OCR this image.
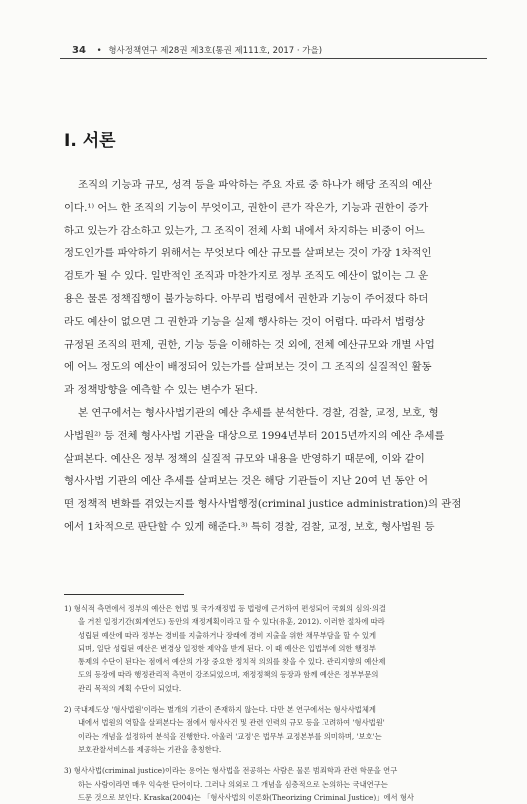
34 • 형사정책연구 제28권 제3호(통권 제111호, 2017 · 가을)
Ⅰ. 서론
조직의 기능과 규모, 성격 등을 파악하는 주요 자료 중 하나가 해당 조직의 예산
이다.¹⁾ 어느 한 조직의 기능이 무엇이고, 권한이 큰가 작은가, 기능과 권한이 증가
하고 있는가 감소하고 있는가, 그 조직이 전체 사회 내에서 차지하는 비중이 어느
정도인가를 파악하기 위해서는 무엇보다 예산 규모를 살펴보는 것이 가장 1차적인
검토가 될 수 있다. 일반적인 조직과 마찬가지로 정부 조직도 예산이 없이는 그 운
용은 물론 정책집행이 불가능하다. 아무리 법령에서 권한과 기능이 주어졌다 하더
라도 예산이 없으면 그 권한과 기능을 실제 행사하는 것이 어렵다. 따라서 법령상
규정된 조직의 편제, 권한, 기능 등을 이해하는 것 외에, 전체 예산규모와 개별 사업
에 어느 정도의 예산이 배정되어 있는가를 살펴보는 것이 그 조직의 실질적인 활동
과 정책방향을 예측할 수 있는 변수가 된다.
본 연구에서는 형사사법기관의 예산 추세를 분석한다. 경찰, 검찰, 교정, 보호, 형
사법원²⁾ 등 전체 형사사법 기관을 대상으로 1994년부터 2015년까지의 예산 추세를
살펴본다. 예산은 정부 정책의 실질적 규모와 내용을 반영하기 때문에, 이와 같이
형사사법 기관의 예산 추세를 살펴보는 것은 해당 기관들이 지난 20여 년 동안 어
떤 정책적 변화를 겪었는지를 형사사법행정(criminal justice administration)의 관점
에서 1차적으로 판단할 수 있게 해준다.³⁾ 특히 경찰, 검찰, 교정, 보호, 형사법원 등
1) 형식적 측면에서 정부의 예산은 헌법 및 국가재정법 등 법령에 근거하여 편성되어 국회의 심의·의결
을 거친 일정기간(회계연도) 동안의 재정계획이라고 할 수 있다(유훈, 2012). 이러한 절차에 따라
성립된 예산에 따라 정부는 경비를 지출하거나 장래에 경비 지출을 위한 채무부담을 할 수 있게
되며, 일단 성립된 예산은 변경상 일정한 제약을 받게 된다. 이 때 예산은 입법부에 의한 행정부
통제의 수단이 된다는 점에서 예산의 가장 중요한 정치적 의의를 찾을 수 있다. 관리지향의 예산제
도의 등장에 따라 행정관리적 측면이 강조되었으며, 재정정책의 등장과 함께 예산은 정부부문의
관리 목적의 계획 수단이 되었다.
2) 국내제도상 '형사법원'이라는 별개의 기관이 존재하지 않는다. 다만 본 연구에서는 형사사법체계
내에서 법원의 역할을 살펴본다는 점에서 형사사건 및 관련 인력의 규모 등을 고려하여 '형사법원'
이라는 개념을 설정하여 분석을 진행한다. 아울러 '교정'은 법무부 교정본부를 의미하며, '보호'는
보호관찰서비스를 제공하는 기관을 총칭한다.
3) 형사사법(criminal justice)이라는 용어는 형사법을 전공하는 사람은 물론 범죄학과 관련 학문을 연구
하는 사람이라면 매우 익숙한 단어이다. 그러나 의외로 그 개념을 심층적으로 논의하는 국내연구는
드문 것으로 보인다. Kraska(2004)는 「형사사법의 이론화(Theorizing Criminal Justice)」에서 형사
